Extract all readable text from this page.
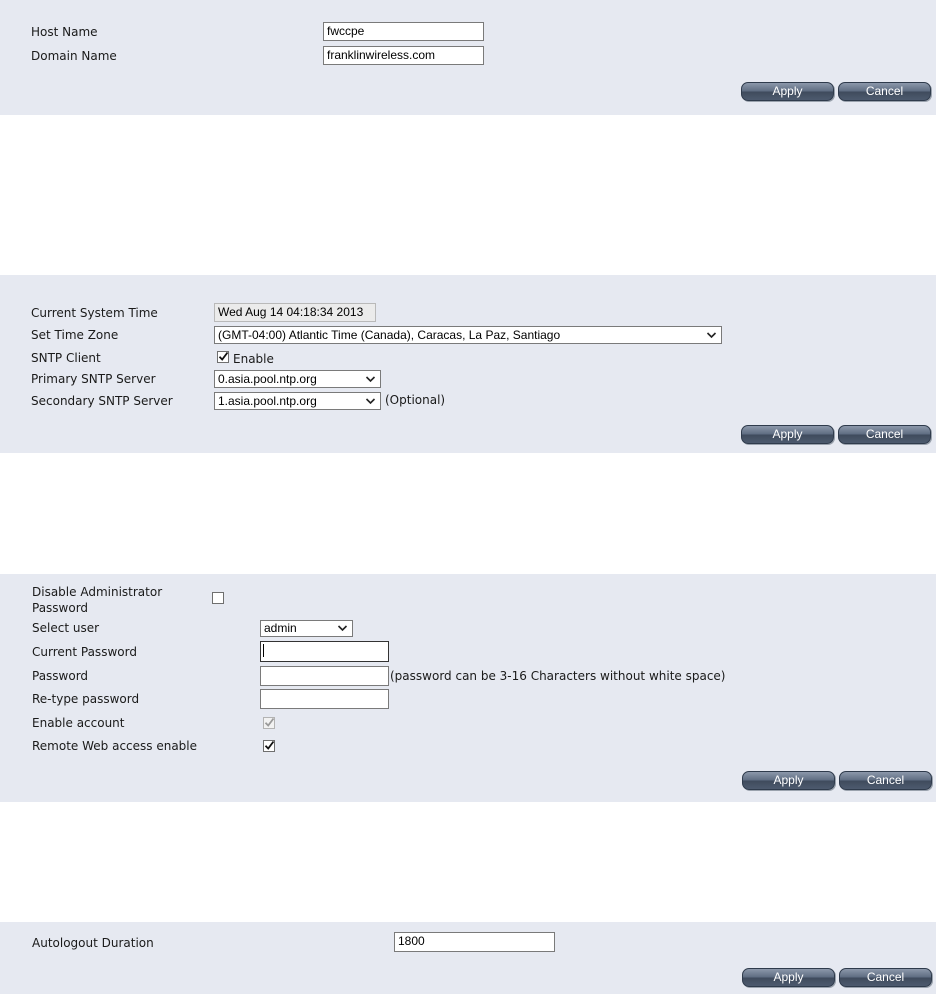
Host Name	fwccpe
Domain Name	franklinwireless.com
Apply	Cancel
Current System Time	Wed Aug 14 04:18:34 2013
Set Time Zone	(GMT-04:00) Atlantic Time (Canada), Caracas, La Paz, Santiago
SNTP Client	Enable
Primary SNTP Server	0.asia.pool.ntp.org
Secondary SNTP Server	1.asia.pool.ntp.org	(Optional)
Apply	Cancel
Disable Administrator Password
Select user	admin
Current Password
Password	(password can be 3-16 Characters without white space)
Re-type password
Enable account
Remote Web access enable
Apply	Cancel
Autologout Duration	1800
Apply	Cancel
